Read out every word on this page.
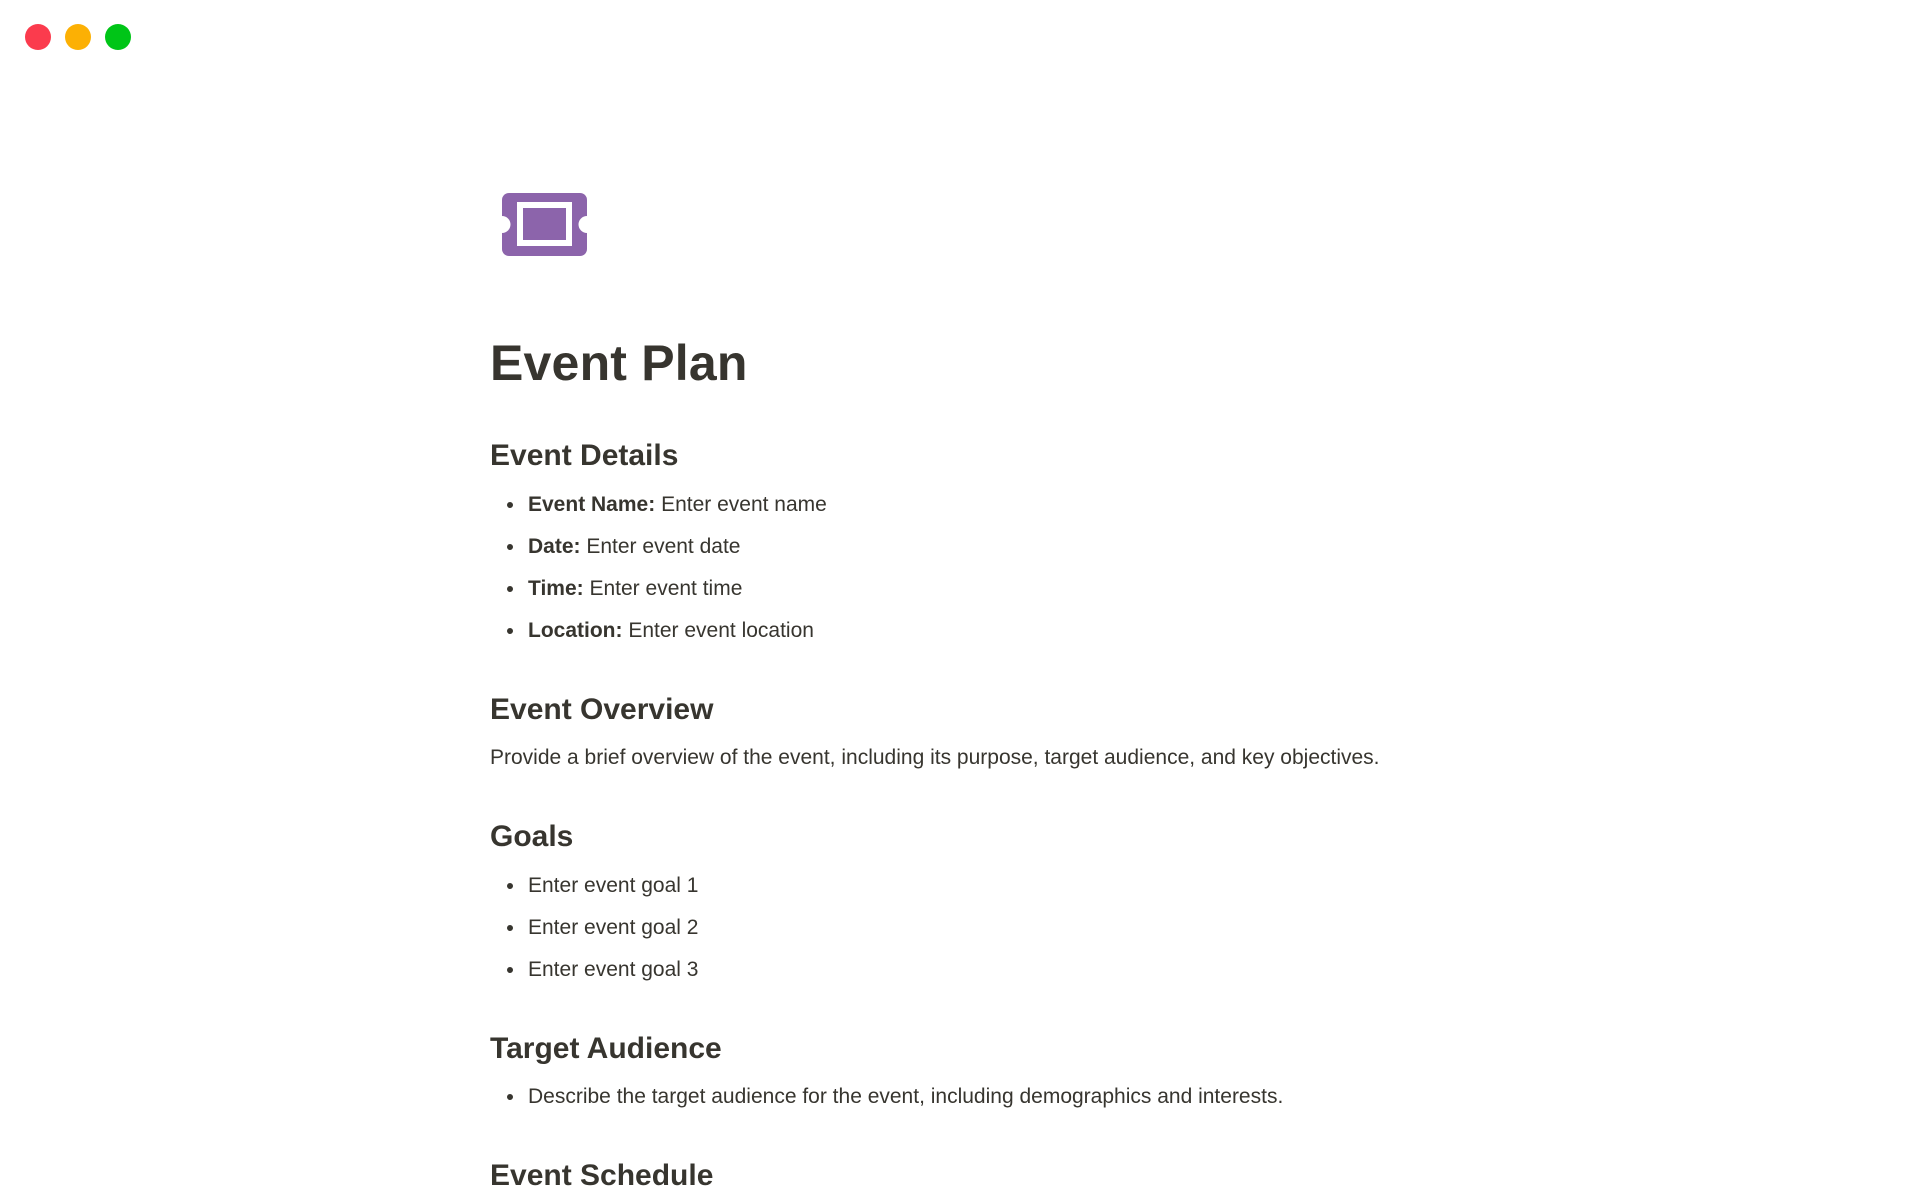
Event Plan
Event Details
• Event Name: Enter event name
• Date: Enter event date
• Time: Enter event time
• Location: Enter event location
Event Overview

Provide a brief overview of the event, including its purpose, target audience, and key objectives.

Goals
• Enter event goal 1
• Enter event goal 2
• Enter event goal 3
Target Audience
• Describe the target audience for the event, including demographics and interests.
Event Schedule
